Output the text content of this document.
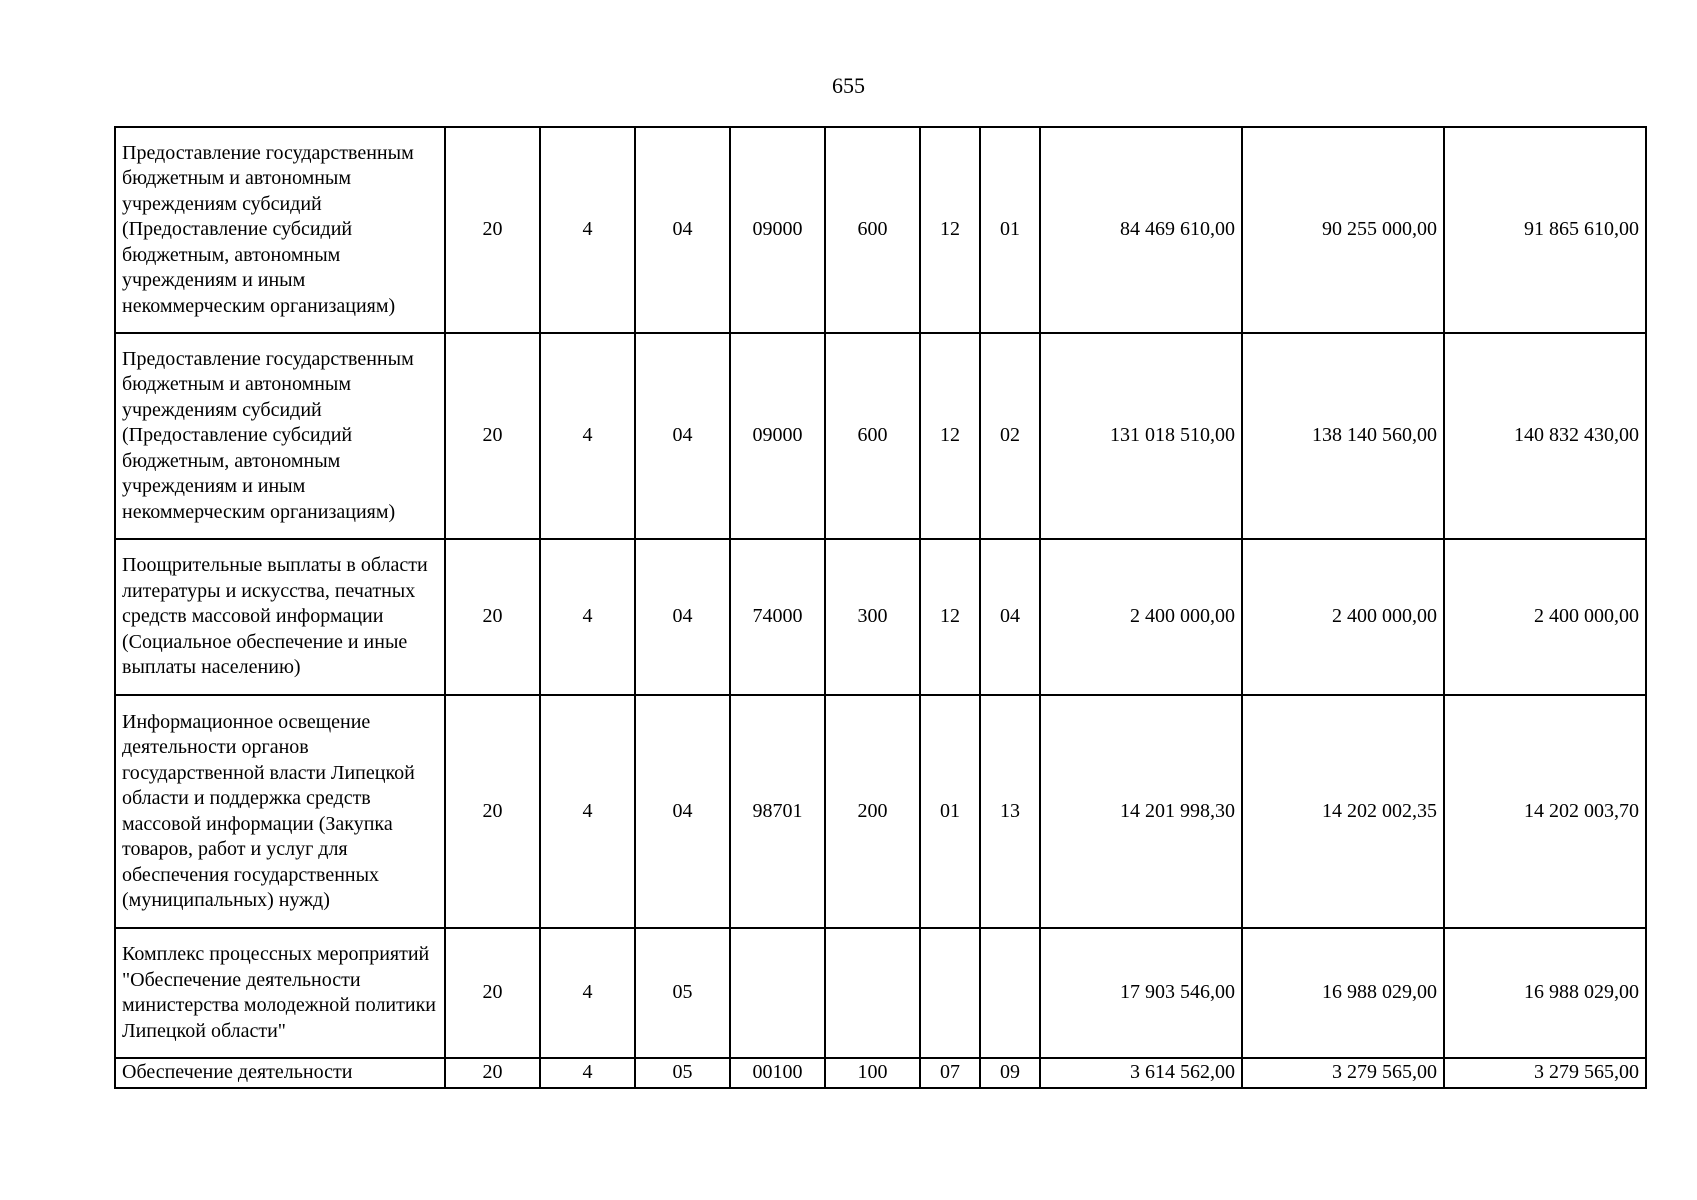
655
Предоставление государственным бюджетным и автономным учреждениям субсидий (Предоставление субсидий бюджетным, автономным учреждениям и иным некоммерческим организациям)	20	4	04	09000	600	12	01	84 469 610,00	90 255 000,00	91 865 610,00

Предоставление государственным бюджетным и автономным учреждениям субсидий (Предоставление субсидий бюджетным, автономным учреждениям и иным некоммерческим организациям)	20	4	04	09000	600	12	02	131 018 510,00	138 140 560,00	140 832 430,00

Поощрительные выплаты в области литературы и искусства, печатных средств массовой информации (Социальное обеспечение и иные выплаты населению)	20	4	04	74000	300	12	04	2 400 000,00	2 400 000,00	2 400 000,00

Информационное освещение деятельности органов государственной власти Липецкой области и поддержка средств массовой информации (Закупка товаров, работ и услуг для обеспечения государственных (муниципальных) нужд)	20	4	04	98701	200	01	13	14 201 998,30	14 202 002,35	14 202 003,70

Комплекс процессных мероприятий "Обеспечение деятельности министерства молодежной политики Липецкой области"	20	4	05					17 903 546,00	16 988 029,00	16 988 029,00

Обеспечение деятельности	20	4	05	00100	100	07	09	3 614 562,00	3 279 565,00	3 279 565,00
